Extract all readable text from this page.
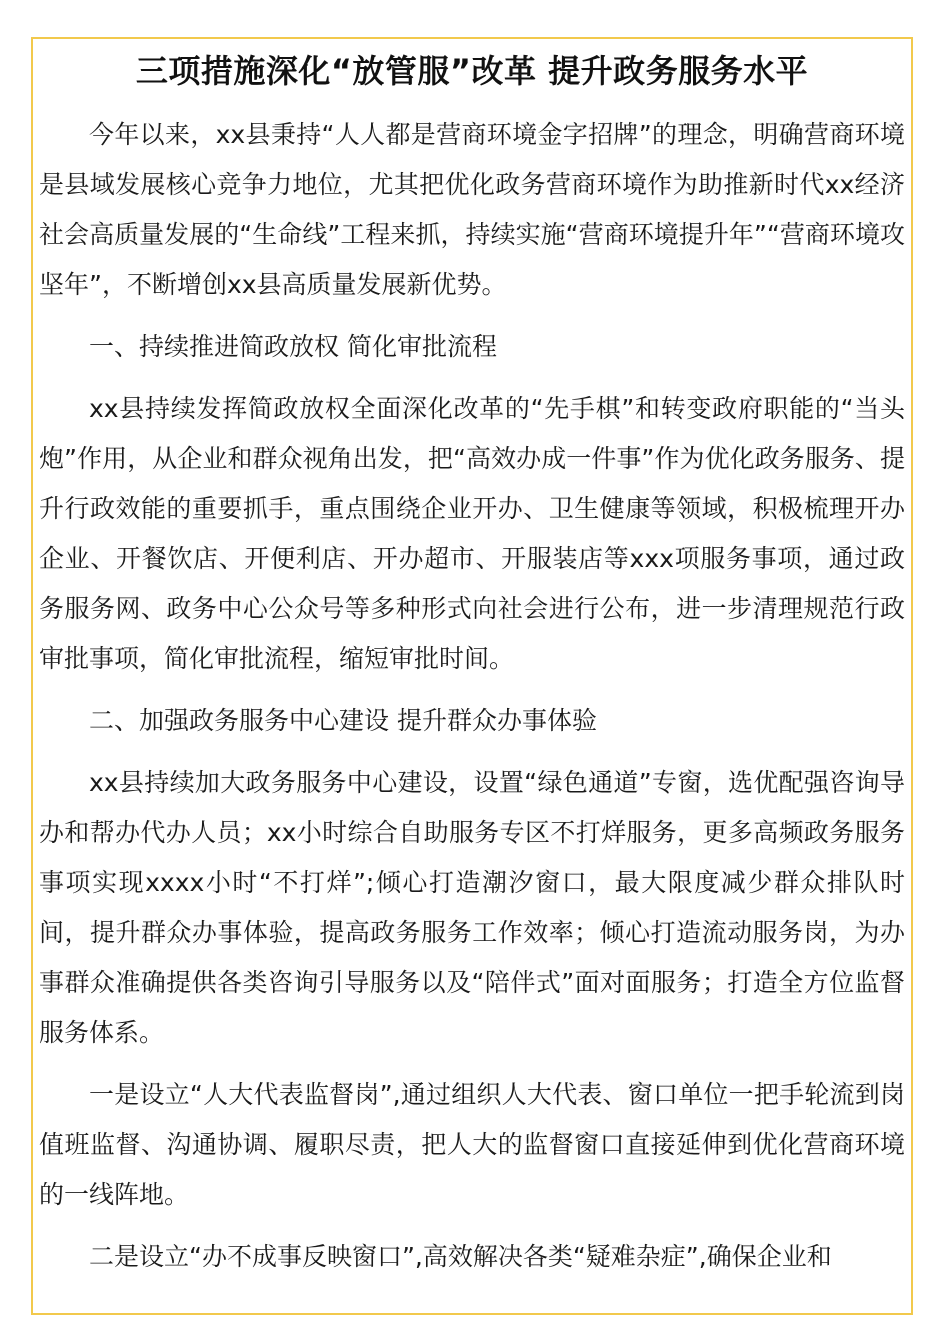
三项措施深化“放管服”改革 提升政务服务水平

今年以来，xx县秉持“人人都是营商环境金字招牌”的理念，明确营商环境是县域发展核心竞争力地位，尤其把优化政务营商环境作为助推新时代xx经济社会高质量发展的“生命线”工程来抓，持续实施“营商环境提升年”“营商环境攻坚年”，不断增创xx县高质量发展新优势。

一、持续推进简政放权 简化审批流程

xx县持续发挥简政放权全面深化改革的“先手棋”和转变政府职能的“当头炮”作用，从企业和群众视角出发，把“高效办成一件事”作为优化政务服务、提升行政效能的重要抓手，重点围绕企业开办、卫生健康等领域，积极梳理开办企业、开餐饮店、开便利店、开办超市、开服装店等xxx项服务事项，通过政务服务网、政务中心公众号等多种形式向社会进行公布，进一步清理规范行政审批事项，简化审批流程，缩短审批时间。

二、加强政务服务中心建设 提升群众办事体验

xx县持续加大政务服务中心建设，设置“绿色通道”专窗，选优配强咨询导办和帮办代办人员；xx小时综合自助服务专区不打烊服务，更多高频政务服务事项实现xxxx小时“不打烊”;倾心打造潮汐窗口，最大限度减少群众排队时间，提升群众办事体验，提高政务服务工作效率；倾心打造流动服务岗，为办事群众准确提供各类咨询引导服务以及“陪伴式”面对面服务；打造全方位监督服务体系。

一是设立“人大代表监督岗”,通过组织人大代表、窗口单位一把手轮流到岗值班监督、沟通协调、履职尽责，把人大的监督窗口直接延伸到优化营商环境的一线阵地。

二是设立“办不成事反映窗口”,高效解决各类“疑难杂症”,确保企业和
